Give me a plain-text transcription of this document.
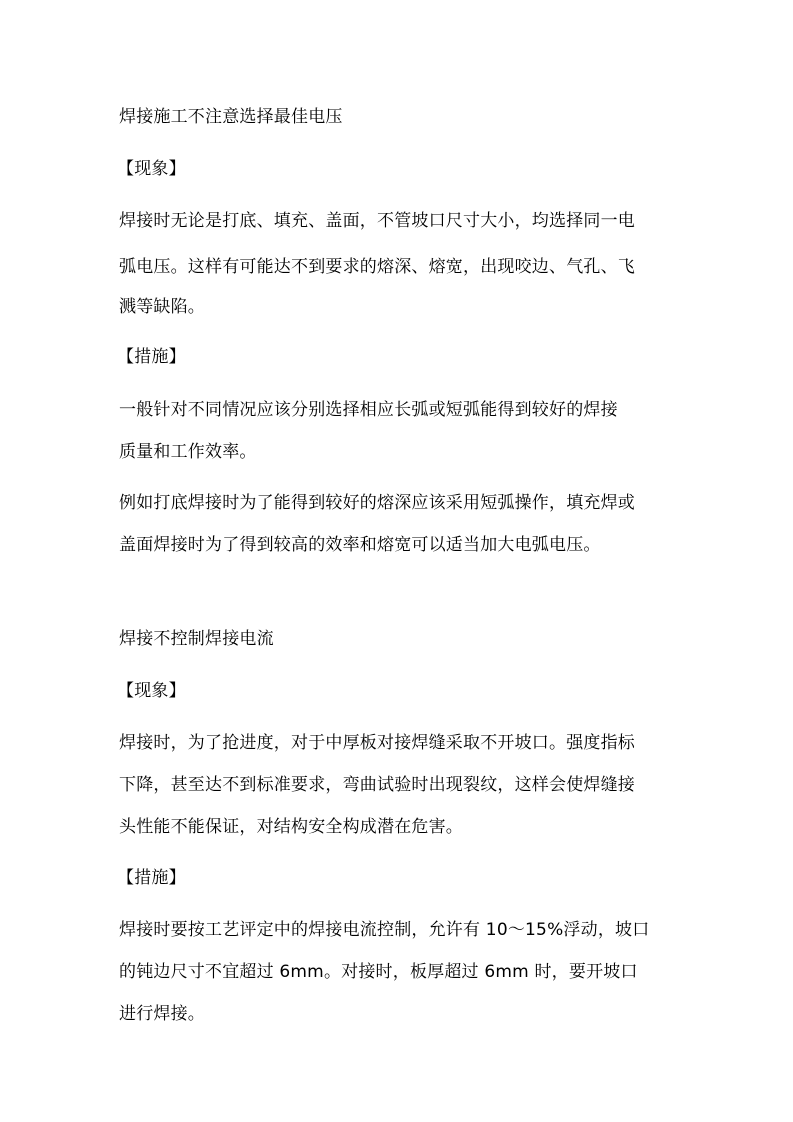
焊接施工不注意选择最佳电压
【现象】
焊接时无论是打底、填充、盖面，不管坡口尺寸大小，均选择同一电
弧电压。这样有可能达不到要求的熔深、熔宽，出现咬边、气孔、飞
溅等缺陷。
【措施】
一般针对不同情况应该分别选择相应长弧或短弧能得到较好的焊接
质量和工作效率。
例如打底焊接时为了能得到较好的熔深应该采用短弧操作，填充焊或
盖面焊接时为了得到较高的效率和熔宽可以适当加大电弧电压。
焊接不控制焊接电流
【现象】
焊接时，为了抢进度，对于中厚板对接焊缝采取不开坡口。强度指标
下降，甚至达不到标准要求，弯曲试验时出现裂纹，这样会使焊缝接
头性能不能保证，对结构安全构成潜在危害。
【措施】
焊接时要按工艺评定中的焊接电流控制，允许有 10～15%浮动，坡口
的钝边尺寸不宜超过 6mm。对接时，板厚超过 6mm 时，要开坡口
进行焊接。
